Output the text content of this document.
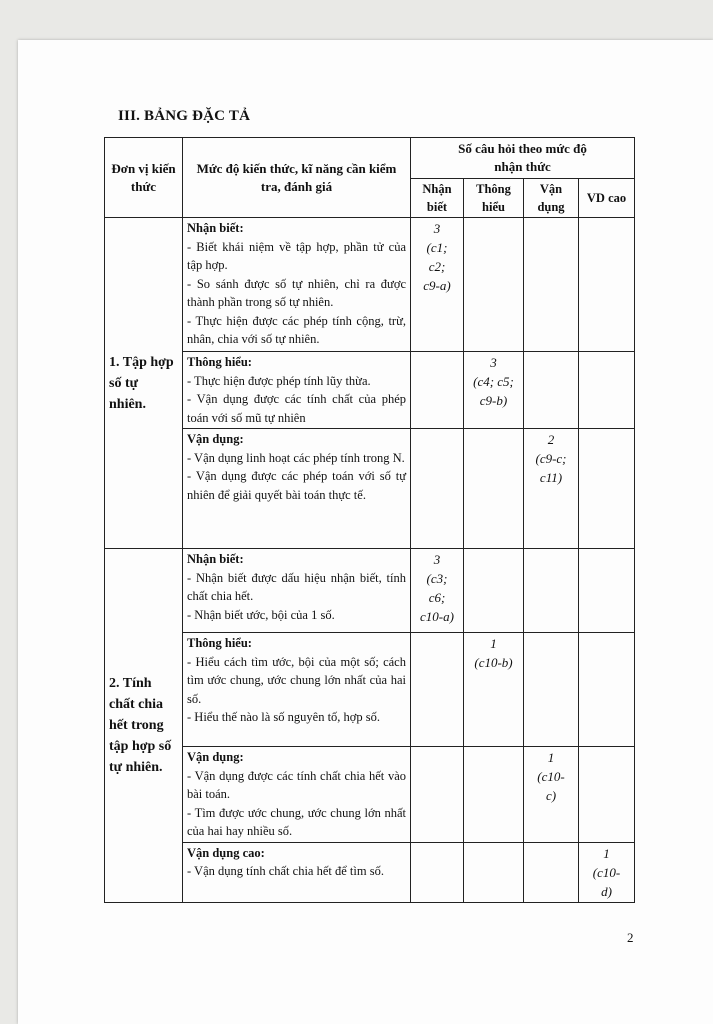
III. BẢNG ĐẶC TẢ
Đơn vị kiến thức	Mức độ kiến thức, kĩ năng cần kiểm tra, đánh giá	Số câu hỏi theo mức độ nhận thức			
		Nhận biết	Thông hiểu	Vận dụng	VD cao
1. Tập hợp số tự nhiên.	Nhận biết:
- Biết khái niệm về tập hợp, phần tử của tập hợp.
- So sánh được số tự nhiên, chỉ ra được thành phần trong số tự nhiên.
- Thực hiện được các phép tính cộng, trừ, nhân, chia với số tự nhiên.	3
(c1;
c2;
c9-a)			

	Thông hiểu:
- Thực hiện được phép tính lũy thừa.
- Vận dụng được các tính chất của phép toán với số mũ tự nhiên		3
(c4; c5;
c9-b)		

	Vận dụng:
- Vận dụng linh hoạt các phép tính trong N.
- Vận dụng được các phép toán với số tự nhiên để giải quyết bài toán thực tế.			2
(c9-c;
c11)	

2. Tính chất chia hết trong tập hợp số tự nhiên.	Nhận biết:
- Nhận biết được dấu hiệu nhận biết, tính chất chia hết.
- Nhận biết ước, bội của 1 số.	3
(c3;
c6;
c10-a)			

	Thông hiểu:
- Hiểu cách tìm ước, bội của một số; cách tìm ước chung, ước chung lớn nhất của hai số.
- Hiểu thế nào là số nguyên tố, hợp số.		1
(c10-b)		

	Vận dụng:
- Vận dụng được các tính chất chia hết vào bài toán.
- Tìm được ước chung, ước chung lớn nhất của hai hay nhiều số.			1
(c10-
c)	

	Vận dụng cao:
- Vận dụng tính chất chia hết để tìm số.				1
(c10-
d)
2
